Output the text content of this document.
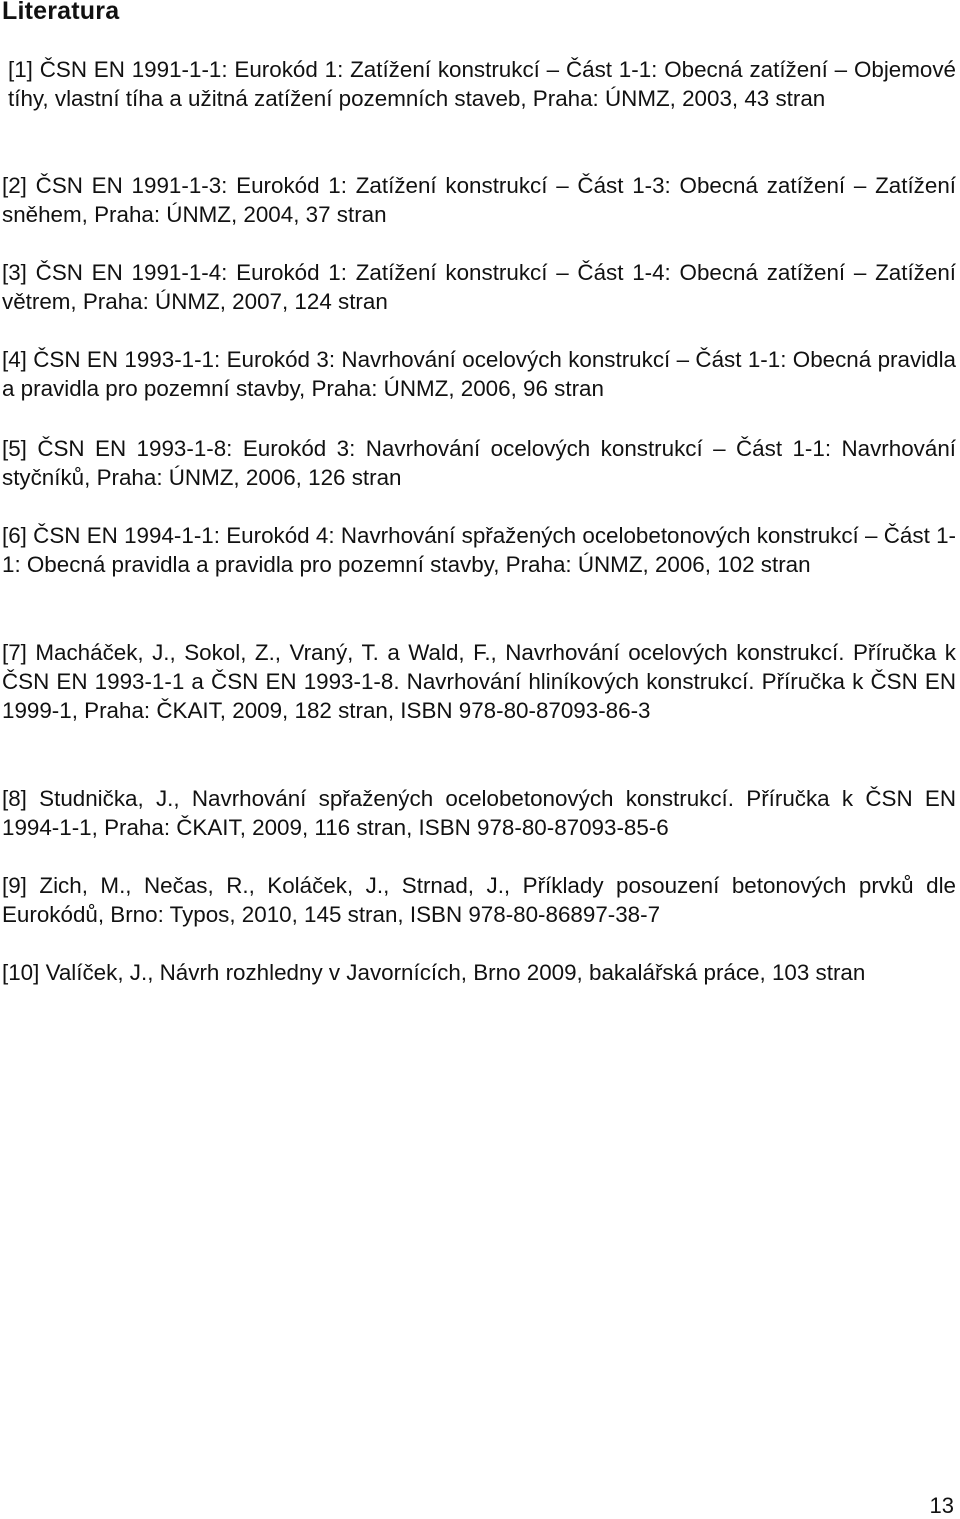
Literatura

[1] ČSN EN 1991-1-1: Eurokód 1: Zatížení konstrukcí – Část 1-1: Obecná zatížení – Objemové tíhy, vlastní tíha a užitná zatížení pozemních staveb, Praha: ÚNMZ, 2003, 43 stran

[2] ČSN EN 1991-1-3: Eurokód 1: Zatížení konstrukcí – Část 1-3: Obecná zatížení – Zatížení sněhem, Praha: ÚNMZ, 2004, 37 stran

[3] ČSN EN 1991-1-4: Eurokód 1: Zatížení konstrukcí – Část 1-4: Obecná zatížení – Zatížení větrem, Praha: ÚNMZ, 2007, 124 stran

[4] ČSN EN 1993-1-1: Eurokód 3: Navrhování ocelových konstrukcí – Část 1-1: Obecná pravidla a pravidla pro pozemní stavby, Praha: ÚNMZ, 2006, 96 stran

[5] ČSN EN 1993-1-8: Eurokód 3: Navrhování ocelových konstrukcí – Část 1-1: Navrhování styčníků, Praha: ÚNMZ, 2006, 126 stran

[6] ČSN EN 1994-1-1: Eurokód 4: Navrhování spřažených ocelobetonových konstrukcí – Část 1-1: Obecná pravidla a pravidla pro pozemní stavby, Praha: ÚNMZ, 2006, 102 stran

[7] Macháček, J., Sokol, Z., Vraný, T. a Wald, F., Navrhování ocelových konstrukcí. Příručka k ČSN EN 1993-1-1 a ČSN EN 1993-1-8. Navrhování hliníkových konstrukcí. Příručka k ČSN EN 1999-1, Praha: ČKAIT, 2009, 182 stran, ISBN 978-80-87093-86-3

[8] Studnička, J., Navrhování spřažených ocelobetonových konstrukcí. Příručka k ČSN EN 1994-1-1, Praha: ČKAIT, 2009, 116 stran, ISBN 978-80-87093-85-6

[9] Zich, M., Nečas, R., Koláček, J., Strnad, J., Příklady posouzení betonových prvků dle Eurokódů, Brno: Typos, 2010, 145 stran, ISBN 978-80-86897-38-7

[10] Valíček, J., Návrh rozhledny v Javornících, Brno 2009, bakalářská práce, 103 stran

13
